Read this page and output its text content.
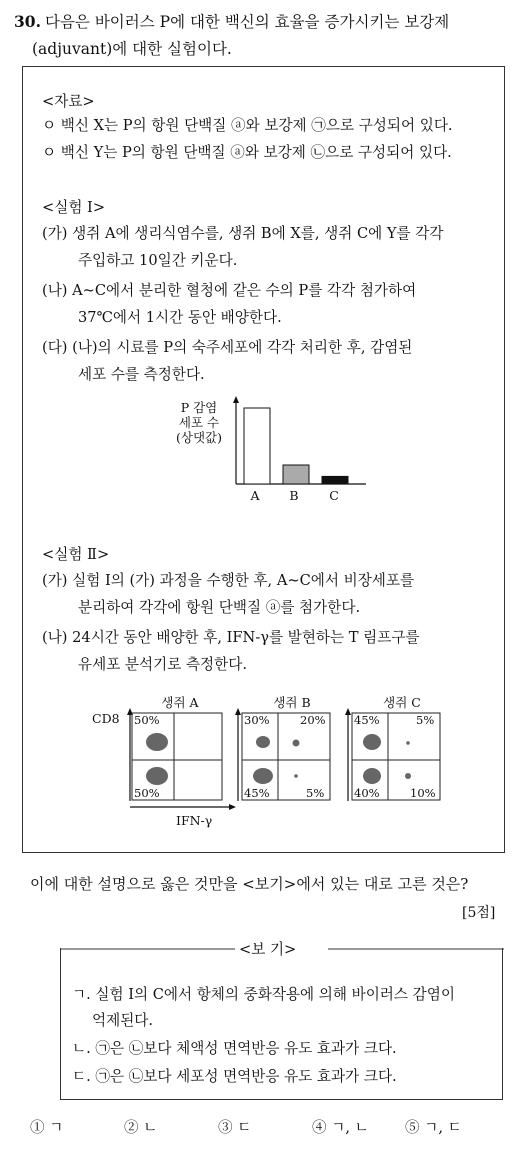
30. 다음은 바이러스 P에 대한 백신의 효율을 증가시키는 보강제
(adjuvant)에 대한 실험이다.
<자료>
ㅇ 백신 X는 P의 항원 단백질 ⓐ와 보강제 ㉠으로 구성되어 있다.
ㅇ 백신 Y는 P의 항원 단백질 ⓐ와 보강제 ㉡으로 구성되어 있다.
<실험 Ⅰ>
(가) 생쥐 A에 생리식염수를, 생쥐 B에 X를, 생쥐 C에 Y를 각각
주입하고 10일간 키운다.
(나) A~C에서 분리한 혈청에 같은 수의 P를 각각 첨가하여
37℃에서 1시간 동안 배양한다.
(다) (나)의 시료를 P의 숙주세포에 각각 처리한 후, 감염된
세포 수를 측정한다.
P 감염
세포 수
(상댓값)
A B C
<실험 Ⅱ>
(가) 실험 Ⅰ의 (가) 과정을 수행한 후, A~C에서 비장세포를
분리하여 각각에 항원 단백질 ⓐ를 첨가한다.
(나) 24시간 동안 배양한 후, IFN-γ를 발현하는 T 림프구를
유세포 분석기로 측정한다.
CD8
생쥐 A	생쥐 B	생쥐 C
50%
50%
30%	20%
45%	5%
45%	5%
40%	10%
IFN-γ
이에 대한 설명으로 옳은 것만을 <보기>에서 있는 대로 고른 것은?
[5점]
<보 기>
ㄱ. 실험 Ⅰ의 C에서 항체의 중화작용에 의해 바이러스 감염이
억제된다.
ㄴ. ㉠은 ㉡보다 체액성 면역반응 유도 효과가 크다.
ㄷ. ㉠은 ㉡보다 세포성 면역반응 유도 효과가 크다.
① ㄱ	② ㄴ	③ ㄷ	④ ㄱ, ㄴ ⑤ ㄱ, ㄷ
